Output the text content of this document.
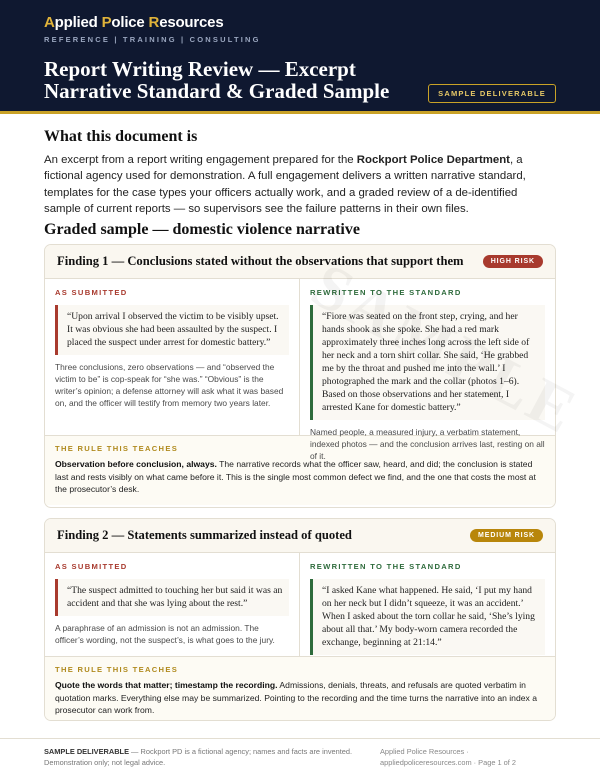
Applied Police Resources
REFERENCE | TRAINING | CONSULTING
Report Writing Review — Excerpt
Narrative Standard & Graded Sample	SAMPLE DELIVERABLE
What this document is
An excerpt from a report writing engagement prepared for the Rockport Police Department, a fictional agency used for demonstration. A full engagement delivers a written narrative standard, templates for the case types your officers actually work, and a graded review of a de-identified sample of current reports — so supervisors see the failure patterns in their own files.
Graded sample — domestic violence narrative
Finding 1 — Conclusions stated without the observations that support them	HIGH RISK
AS SUBMITTED
“Upon arrival I observed the victim to be visibly upset. It was obvious she had been assaulted by the suspect. I placed the suspect under arrest for domestic battery.”
Three conclusions, zero observations — and “observed the victim to be” is cop-speak for “she was.” “Obvious” is the writer’s opinion; a defense attorney will ask what it was based on, and the officer will testify from memory two years later.
REWRITTEN TO THE STANDARD
“Fiore was seated on the front step, crying, and her hands shook as she spoke. She had a red mark approximately three inches long across the left side of her neck and a torn shirt collar. She said, ‘He grabbed me by the throat and pushed me into the wall.’ I photographed the mark and the collar (photos 1–6). Based on those observations and her statement, I arrested Kane for domestic battery.”
Named people, a measured injury, a verbatim statement, indexed photos — and the conclusion arrives last, resting on all of it.
THE RULE THIS TEACHES
Observation before conclusion, always. The narrative records what the officer saw, heard, and did; the conclusion is stated last and rests visibly on what came before it. This is the single most common defect we find, and the one that costs the most at the prosecutor’s desk.
Finding 2 — Statements summarized instead of quoted	MEDIUM RISK
AS SUBMITTED
“The suspect admitted to touching her but said it was an accident and that she was lying about the rest.”
A paraphrase of an admission is not an admission. The officer’s wording, not the suspect’s, is what goes to the jury.
REWRITTEN TO THE STANDARD
“I asked Kane what happened. He said, ‘I put my hand on her neck but I didn’t squeeze, it was an accident.’ When I asked about the torn collar he said, ‘She’s lying about all that.’ My body-worn camera recorded the exchange, beginning at 21:14.”
THE RULE THIS TEACHES
Quote the words that matter; timestamp the recording. Admissions, denials, threats, and refusals are quoted verbatim in quotation marks. Everything else may be summarized. Pointing to the recording and the time turns the narrative into an index a prosecutor can work from.
SAMPLE DELIVERABLE — Rockport PD is a fictional agency; names and facts are invented. Demonstration only; not legal advice.
Applied Police Resources · appliedpoliceresources.com · Page 1 of 2
